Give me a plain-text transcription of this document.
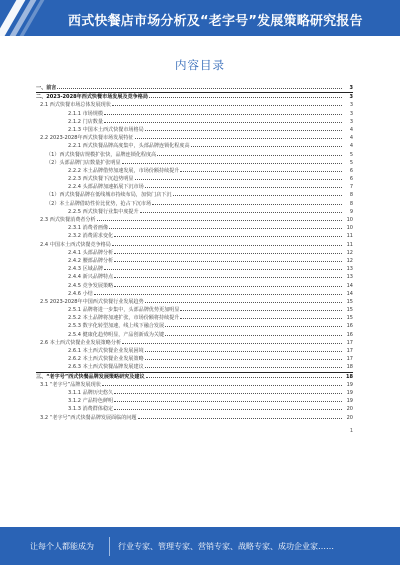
西式快餐店市场分析及“老字号”发展策略研究报告
内容目录
一、前言	3
二、2023-2028年西式快餐市场发展及竞争格局	3
2.1 西式快餐市场总体发展现状	3
2.1.1 市场规模	3
2.1.2 门店数量	3
2.1.3 中国本土西式快餐市场格局	4
2.2 2023-2028年西式快餐市场发展特征	4
2.2.1 西式快餐品牌高度集中，头部品牌连锁化程度高	4
（1）西式快餐店规模扩张快，品牌连锁化程度高	5
（2）头部品牌门店数量扩张明显	5
2.2.2 本土品牌借势加速发展，市场份额持续提升	6
2.2.3 西式快餐下沉趋势明显	6
2.2.4 头部品牌加速拓展下沉市场	7
（1）西式快餐品牌在低线城市持续布局，加快门店下沉	8
（2）本土品牌借助性价比优势，抢占下沉市场	8
2.2.5 西式快餐行业集中度提升	9
2.3 西式快餐消费者分析	10
2.3.1 消费者画像	10
2.3.2 消费需求变化	11
2.4 中国本土西式快餐竞争格局	11
2.4.1 头部品牌分析	12
2.4.2 腰部品牌分析	12
2.4.3 区域品牌	13
2.4.4 新兴品牌特点	13
2.4.5 竞争发展策略	14
2.4.6 小结	14
2.5 2023-2028年中国西式快餐行业发展趋势	15
2.5.1 品牌将进一步集中，头部品牌优势更加明显	15
2.5.2 本土品牌将加速扩张，市场份额将持续提升	15
2.5.3 数字化转型加速，线上线下融合发展	16
2.5.4 健康化趋势明显，产品创新成为关键	16
2.6 本土西式快餐企业发展策略分析	17
2.6.1 本土西式快餐企业发展困境	17
2.6.2 本土西式快餐企业发展策略	17
2.6.3 本土西式快餐品牌发展建议	18
三、“老字号”西式快餐品牌发展策略研究及建议	18
3.1 “老字号”品牌发展现状	19
3.1.1 品牌历史悠久	19
3.1.2 产品特色鲜明	19
3.1.3 消费群体稳定	20
3.2 “老字号”西式快餐品牌发展面临的问题	20
1
让每个人都能成为	行业专家、管理专家、营销专家、战略专家、成功企业家……
